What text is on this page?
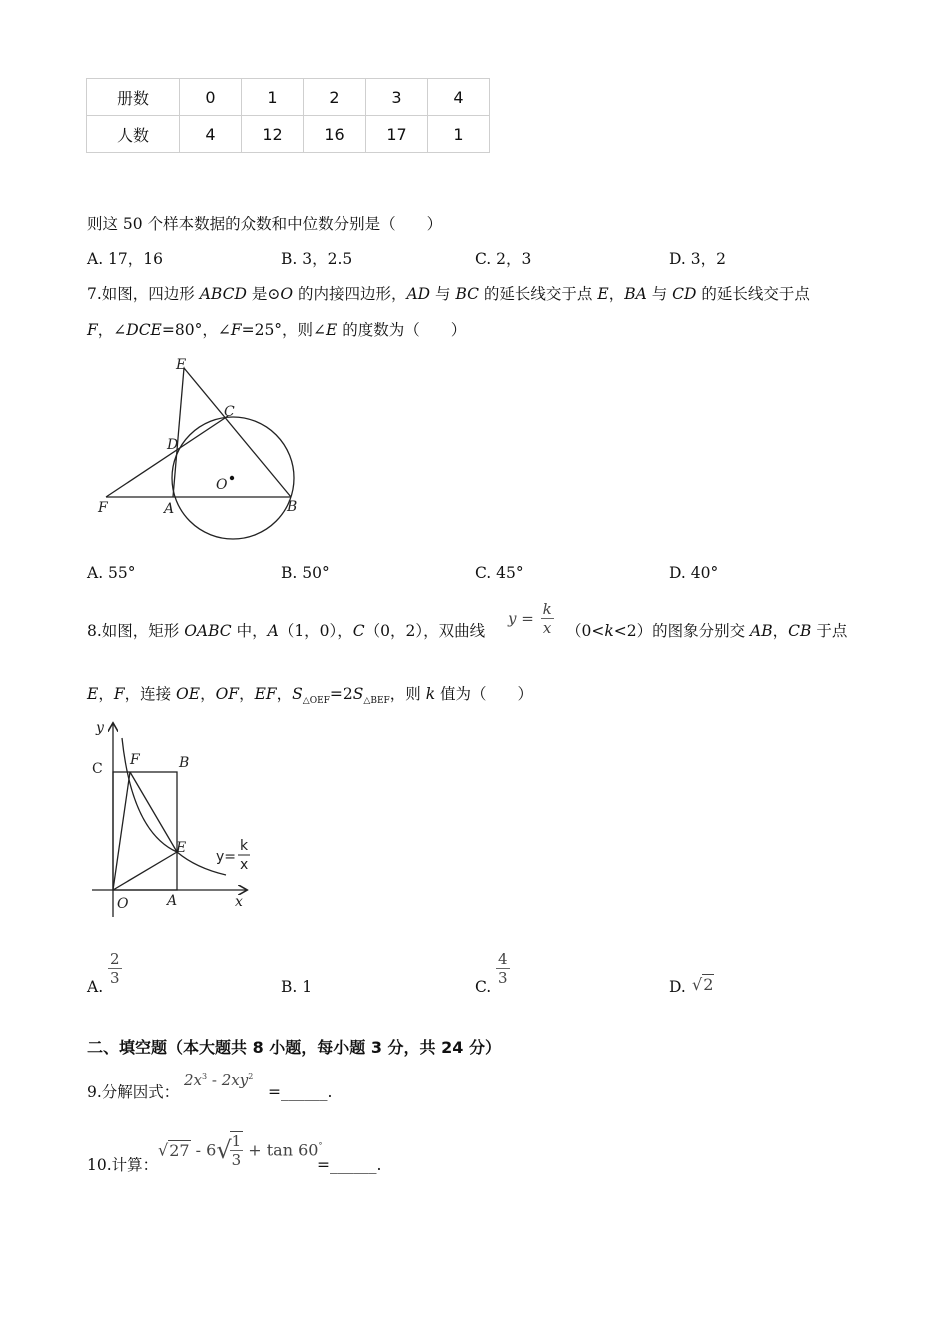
册数	0	1	2	3	4
人数	4	12	16	17	1
则这 50 个样本数据的众数和中位数分别是（　　）
A. 17，16	B. 3，2.5	C. 2，3	D. 3，2
7.如图，四边形 ABCD 是⊙O 的内接四边形，AD 与 BC 的延长线交于点 E，BA 与 CD 的延长线交于点
F，∠DCE=80°，∠F=25°，则∠E 的度数为（　　）
E
C
D
O
F	A	B
A. 55°	B. 50°	C. 45°	D. 40°
8.如图，矩形 OABC 中，A（1，0），C（0，2），双曲线
$y = \frac{k}{x} (0<k<2)$的图象分别交 AB，CB 于点
E，F，连接 OE，OF，EF，$S_{\triangle OEF}=2S_{\triangle BEF}$，则 k 值为（　　）
y
C
F	B
E
O	A	x
y=
k
x
A. $\frac{2}{3}$	B. 1	C. $\frac{4}{3}$	D. √2
二、填空题（本大题共 8 小题，每小题 3 分，共 24 分）
9.分解因式：
$2x^3 - 2xy^2$
=______.
10.计算：
√27 - 6√
$\frac{1}{3} + \tan 60^\circ$
=______.
